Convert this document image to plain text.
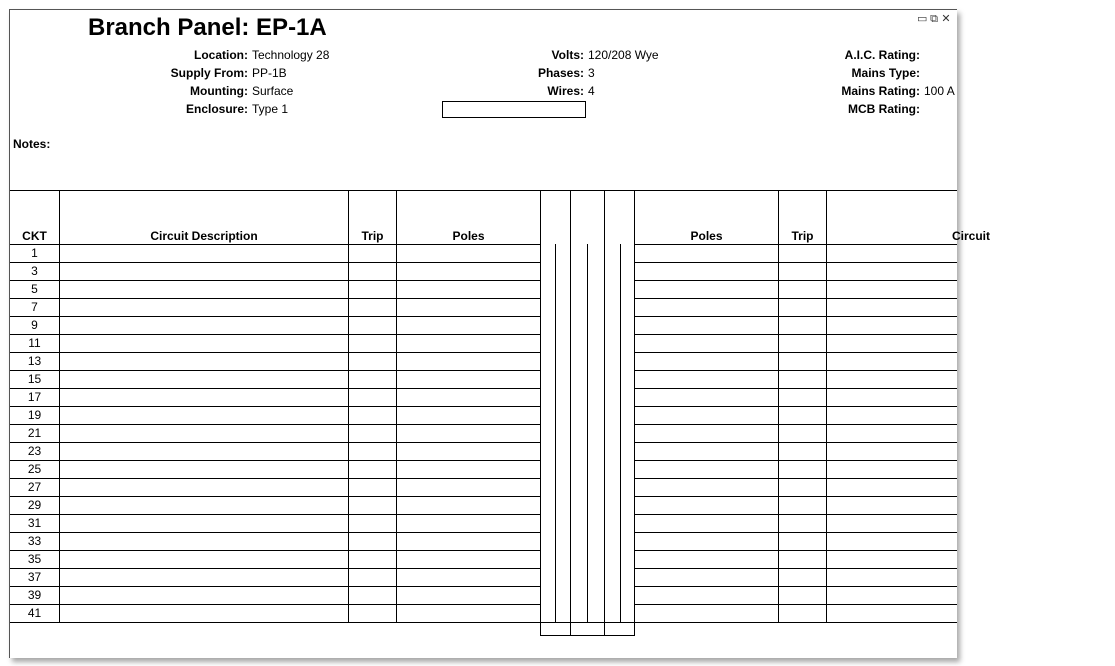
Branch Panel: EP-1A	▭⧉✕
Location: Technology 28
Supply From: PP-1B
Mounting: Surface
Enclosure: Type 1
Volts: 120/208 Wye
Phases: 3
Wires: 4
A.I.C. Rating:
Mains Type:
Mains Rating: 100 A
MCB Rating:
Notes:
CKT	Circuit Description	Trip	Poles	Poles	Trip	Circuit
1
3
5
7
9
11
13
15
17
19
21
23
25
27
29
31
33
35
37
39
41
